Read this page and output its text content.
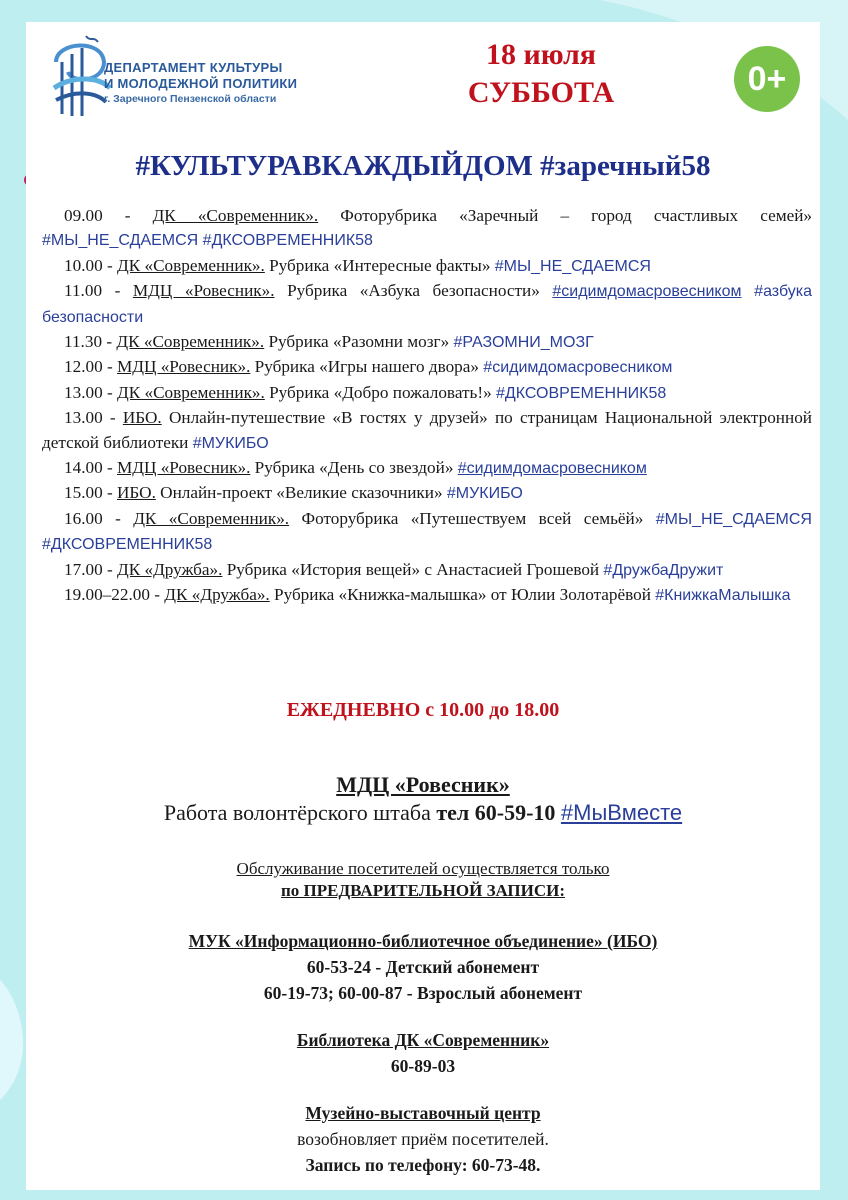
ДЕПАРТАМЕНТ КУЛЬТУРЫ
И МОЛОДЕЖНОЙ ПОЛИТИКИ
г. Заречного Пензенской области
18 июля
СУББОТА	0+
#КУЛЬТУРАВКАЖДЫЙДОМ #заречный58
09.00 - ДК «Современник». Фоторубрика «Заречный – город счастливых семей» #МЫ_НЕ_СДАЕМСЯ #ДКСОВРЕМЕННИК58
10.00 - ДК «Современник». Рубрика «Интересные факты» #МЫ_НЕ_СДАЕМСЯ
11.00 - МДЦ «Ровесник». Рубрика «Азбука безопасности» #сидимдомасровесником #азбука безопасности
11.30 - ДК «Современник». Рубрика «Разомни мозг» #РАЗОМНИ_МОЗГ
12.00 - МДЦ «Ровесник». Рубрика «Игры нашего двора» #сидимдомасровесником
13.00 - ДК «Современник». Рубрика «Добро пожаловать!» #ДКСОВРЕМЕННИК58
13.00 - ИБО. Онлайн-путешествие «В гостях у друзей» по страницам Национальной электронной детской библиотеки #МУКИБО
14.00 - МДЦ «Ровесник». Рубрика «День со звездой» #сидимдомасровесником
15.00 - ИБО. Онлайн-проект «Великие сказочники» #МУКИБО
16.00 - ДК «Современник». Фоторубрика «Путешествуем всей семьёй» #МЫ_НЕ_СДАЕМСЯ #ДКСОВРЕМЕННИК58
17.00 - ДК «Дружба». Рубрика «История вещей» с Анастасией Грошевой #ДружбаДружит
19.00–22.00 - ДК «Дружба». Рубрика «Книжка-малышка» от Юлии Золотарёвой #КнижкаМалышка
ЕЖЕДНЕВНО с 10.00 до 18.00
МДЦ «Ровесник»
Работа волонтёрского штаба тел 60-59-10 #МыВместе
Обслуживание посетителей осуществляется только
по ПРЕДВАРИТЕЛЬНОЙ ЗАПИСИ:
МУК «Информационно-библиотечное объединение» (ИБО)
60-53-24 - Детский абонемент
60-19-73; 60-00-87 - Взрослый абонемент
Библиотека ДК «Современник»
60-89-03
Музейно-выставочный центр
возобновляет приём посетителей.
Запись по телефону: 60-73-48.
